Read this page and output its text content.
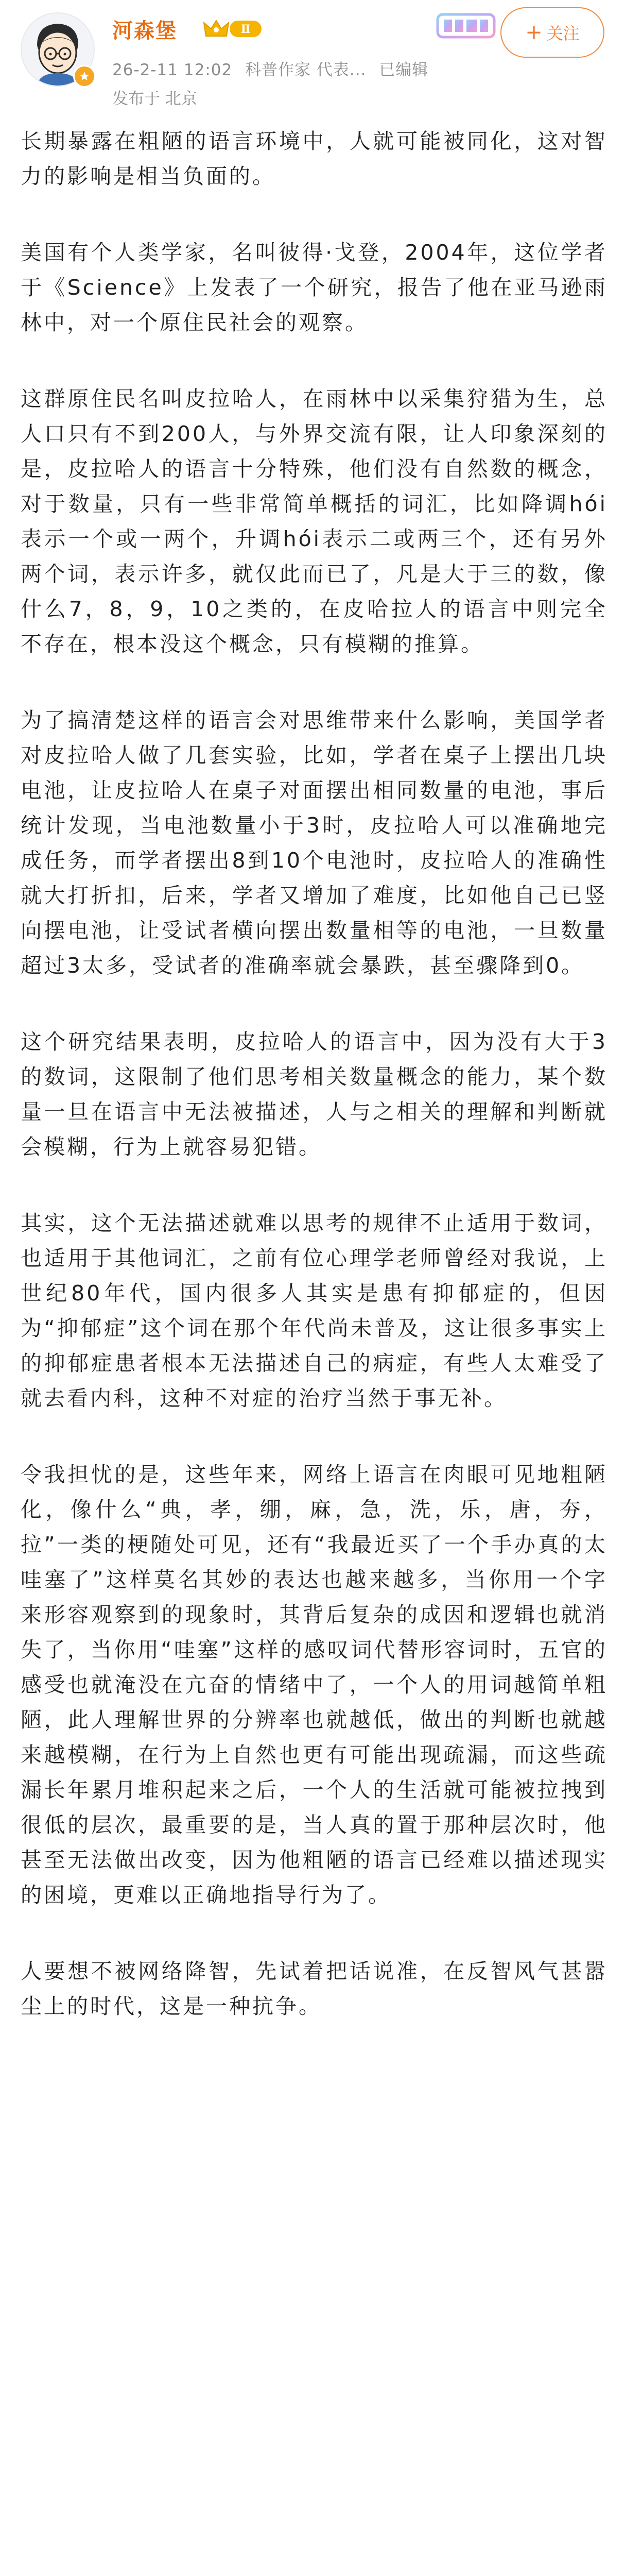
河森堡	Ⅱ
26-2-11 12:02 科普作家 代表... 已编辑
发布于 北京
+ 关注

长期暴露在粗陋的语言环境中，人就可能被同化，这对智力的影响是相当负面的。

美国有个人类学家，名叫彼得·戈登，2004年，这位学者于《Science》上发表了一个研究，报告了他在亚马逊雨林中，对一个原住民社会的观察。

这群原住民名叫皮拉哈人，在雨林中以采集狩猎为生，总人口只有不到200人，与外界交流有限，让人印象深刻的是，皮拉哈人的语言十分特殊，他们没有自然数的概念，对于数量，只有一些非常简单概括的词汇，比如降调hói表示一个或一两个，升调hói表示二或两三个，还有另外两个词，表示许多，就仅此而已了，凡是大于三的数，像什么7，8，9，10之类的，在皮哈拉人的语言中则完全不存在，根本没这个概念，只有模糊的推算。

为了搞清楚这样的语言会对思维带来什么影响，美国学者对皮拉哈人做了几套实验，比如，学者在桌子上摆出几块电池，让皮拉哈人在桌子对面摆出相同数量的电池，事后统计发现，当电池数量小于3时，皮拉哈人可以准确地完成任务，而学者摆出8到10个电池时，皮拉哈人的准确性就大打折扣，后来，学者又增加了难度，比如他自己已竖向摆电池，让受试者横向摆出数量相等的电池，一旦数量超过3太多，受试者的准确率就会暴跌，甚至骤降到0。

这个研究结果表明，皮拉哈人的语言中，因为没有大于3的数词，这限制了他们思考相关数量概念的能力，某个数量一旦在语言中无法被描述，人与之相关的理解和判断就会模糊，行为上就容易犯错。

其实，这个无法描述就难以思考的规律不止适用于数词，也适用于其他词汇，之前有位心理学老师曾经对我说，上世纪80年代，国内很多人其实是患有抑郁症的，但因为“抑郁症”这个词在那个年代尚未普及，这让很多事实上的抑郁症患者根本无法描述自己的病症，有些人太难受了就去看内科，这种不对症的治疗当然于事无补。

令我担忧的是，这些年来，网络上语言在肉眼可见地粗陋化，像什么“典，孝，绷，麻，急，洗，乐，唐，夯，拉”一类的梗随处可见，还有“我最近买了一个手办真的太哇塞了”这样莫名其妙的表达也越来越多，当你用一个字来形容观察到的现象时，其背后复杂的成因和逻辑也就消失了，当你用“哇塞”这样的感叹词代替形容词时，五官的感受也就淹没在亢奋的情绪中了，一个人的用词越简单粗陋，此人理解世界的分辨率也就越低，做出的判断也就越来越模糊，在行为上自然也更有可能出现疏漏，而这些疏漏长年累月堆积起来之后，一个人的生活就可能被拉拽到很低的层次，最重要的是，当人真的置于那种层次时，他甚至无法做出改变，因为他粗陋的语言已经难以描述现实的困境，更难以正确地指导行为了。

人要想不被网络降智，先试着把话说准，在反智风气甚嚣尘上的时代，这是一种抗争。
